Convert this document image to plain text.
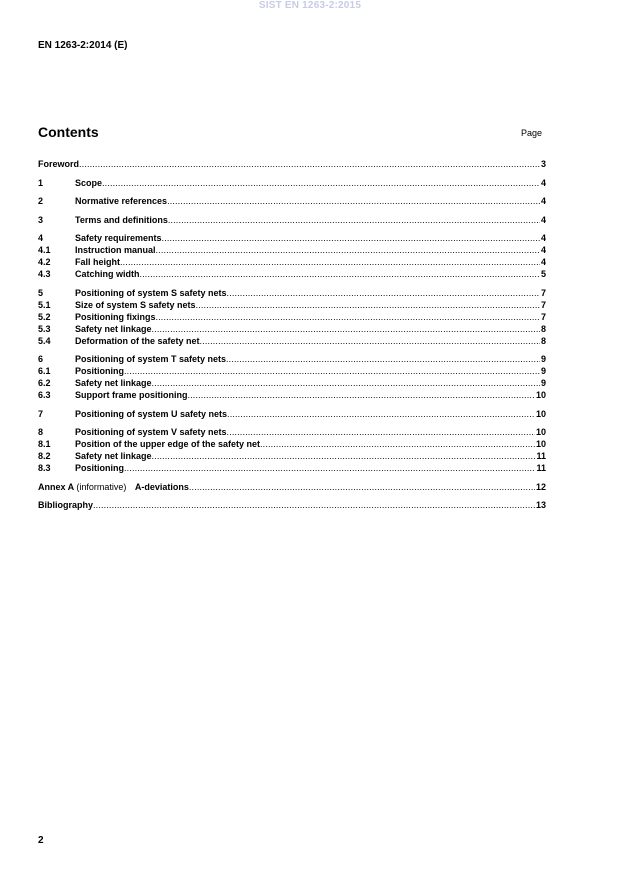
SIST EN 1263-2:2015
EN 1263-2:2014 (E)
Contents	Page
Foreword .....	3
1	Scope .....	4
2	Normative references .....	4
3	Terms and definitions .....	4
4	Safety requirements .....	4
4.1	Instruction manual .....	4
4.2	Fall height .....	4
4.3	Catching width .....	5
5	Positioning of system S safety nets .....	7
5.1	Size of system S safety nets .....	7
5.2	Positioning fixings .....	7
5.3	Safety net linkage .....	8
5.4	Deformation of the safety net .....	8
6	Positioning of system T safety nets .....	9
6.1	Positioning .....	9
6.2	Safety net linkage .....	9
6.3	Support frame positioning .....	10
7	Positioning of system U safety nets .....	10
8	Positioning of system V safety nets .....	10
8.1	Position of the upper edge of the safety net .....	10
8.2	Safety net linkage .....	11
8.3	Positioning .....	11
Annex A (informative) A-deviations .....	12
Bibliography .....	13
2
